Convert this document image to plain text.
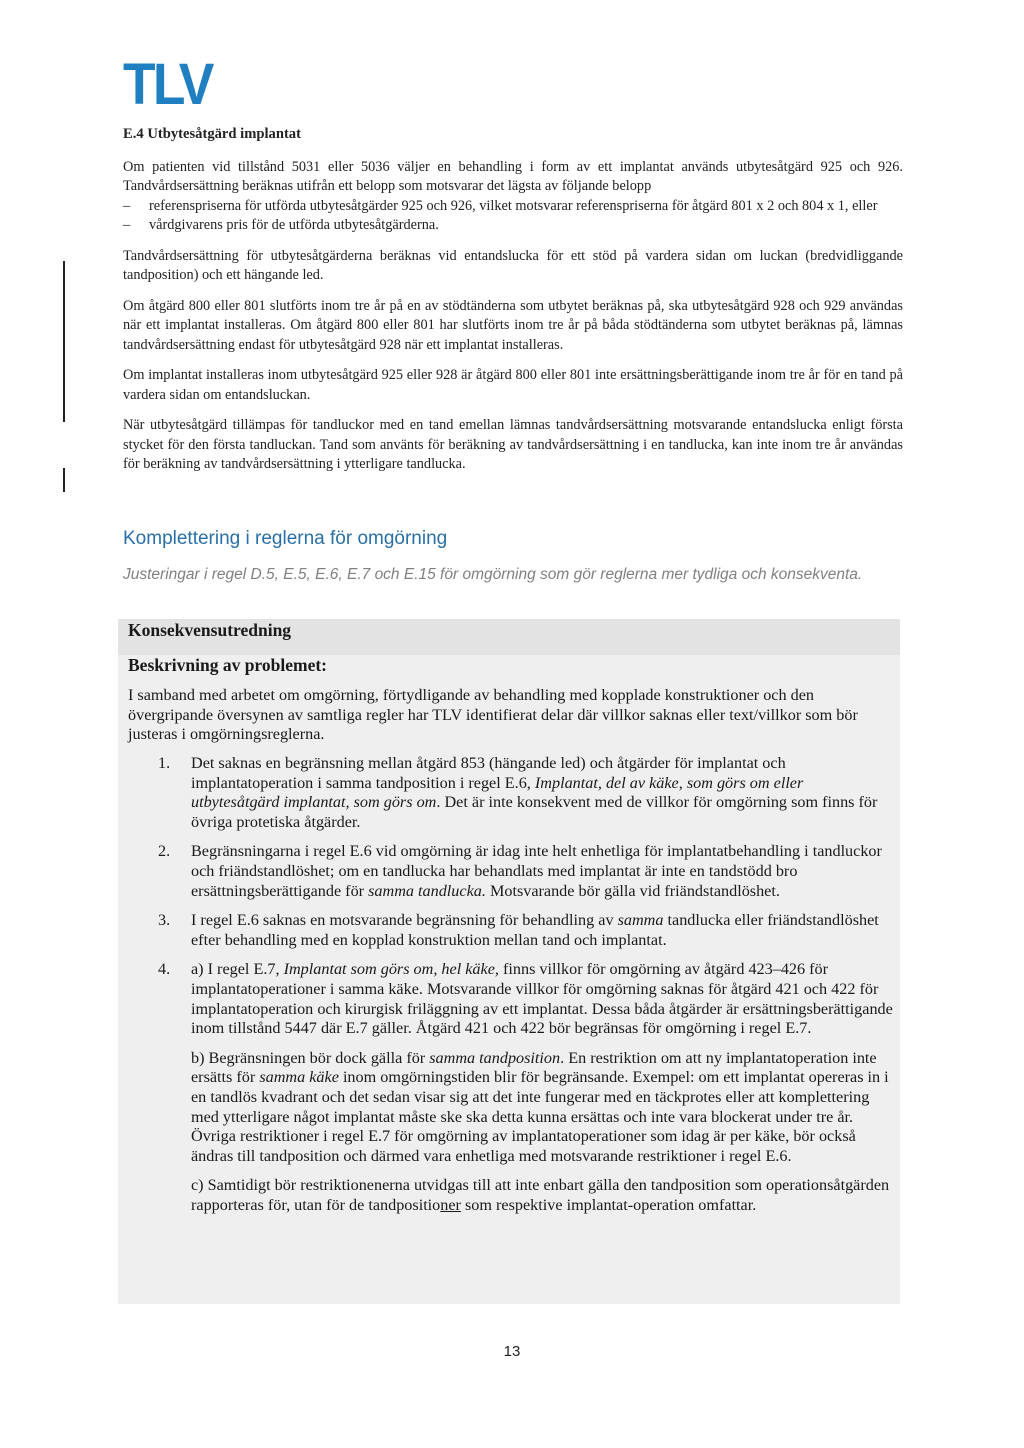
TLV
E.4 Utbytesåtgärd implantat

Om patienten vid tillstånd 5031 eller 5036 väljer en behandling i form av ett implantat används utbytesåtgärd 925 och 926. Tandvårdsersättning beräknas utifrån ett belopp som motsvarar det lägsta av följande belopp

– referenspriserna för utförda utbytesåtgärder 925 och 926, vilket motsvarar referenspriserna för åtgärd 801 x 2 och 804 x 1, eller
– vårdgivarens pris för de utförda utbytesåtgärderna.

Tandvårdsersättning för utbytesåtgärderna beräknas vid entandslucka för ett stöd på vardera sidan om luckan (bredvidliggande tandposition) och ett hängande led.

Om åtgärd 800 eller 801 slutförts inom tre år på en av stödtänderna som utbytet beräknas på, ska utbytesåtgärd 928 och 929 användas när ett implantat installeras. Om åtgärd 800 eller 801 har slutförts inom tre år på båda stödtänderna som utbytet beräknas på, lämnas tandvårdsersättning endast för utbytesåtgärd 928 när ett implantat installeras.

Om implantat installeras inom utbytesåtgärd 925 eller 928 är åtgärd 800 eller 801 inte ersättningsberättigande inom tre år för en tand på vardera sidan om entandsluckan.

När utbytesåtgärd tillämpas för tandluckor med en tand emellan lämnas tandvårdsersättning motsvarande entandslucka enligt första stycket för den första tandluckan. Tand som använts för beräkning av tandvårdsersättning i en tandlucka, kan inte inom tre år användas för beräkning av tandvårdsersättning i ytterligare tandlucka.

Komplettering i reglerna för omgörning
Justeringar i regel D.5, E.5, E.6, E.7 och E.15 för omgörning som gör reglerna mer tydliga och konsekventa.
Konsekvensutredning
Beskrivning av problemet:

I samband med arbetet om omgörning, förtydligande av behandling med kopplade konstruktioner och den övergripande översynen av samtliga regler har TLV identifierat delar där villkor saknas eller text/villkor som bör justeras i omgörningsreglerna.

1. Det saknas en begränsning mellan åtgärd 853 (hängande led) och åtgärder för implantat och implantatoperation i samma tandposition i regel E.6, Implantat, del av käke, som görs om eller utbytesåtgärd implantat, som görs om. Det är inte konsekvent med de villkor för omgörning som finns för övriga protetiska åtgärder.

2. Begränsningarna i regel E.6 vid omgörning är idag inte helt enhetliga för implantatbehandling i tandluckor och friändstandlöshet; om en tandlucka har behandlats med implantat är inte en tandstödd bro ersättningsberättigande för samma tandlucka. Motsvarande bör gälla vid friändstandlöshet.

3. I regel E.6 saknas en motsvarande begränsning för behandling av samma tandlucka eller friändstandlöshet efter behandling med en kopplad konstruktion mellan tand och implantat.

4. a) I regel E.7, Implantat som görs om, hel käke, finns villkor för omgörning av åtgärd 423–426 för implantatoperationer i samma käke. Motsvarande villkor för omgörning saknas för åtgärd 421 och 422 för implantatoperation och kirurgisk friläggning av ett implantat. Dessa båda åtgärder är ersättningsberättigande inom tillstånd 5447 där E.7 gäller. Åtgärd 421 och 422 bör begränsas för omgörning i regel E.7.

b) Begränsningen bör dock gälla för samma tandposition. En restriktion om att ny implantatoperation inte ersätts för samma käke inom omgörningstiden blir för begränsande. Exempel: om ett implantat opereras in i en tandlös kvadrant och det sedan visar sig att det inte fungerar med en täckprotes eller att komplettering med ytterligare något implantat måste ske ska detta kunna ersättas och inte vara blockerat under tre år. Övriga restriktioner i regel E.7 för omgörning av implantatoperationer som idag är per käke, bör också ändras till tandposition och därmed vara enhetliga med motsvarande restriktioner i regel E.6.

c) Samtidigt bör restriktionenerna utvidgas till att inte enbart gälla den tandposition som operationsåtgärden rapporteras för, utan för de tandpositioner som respektive implantat-operation omfattar.

13
